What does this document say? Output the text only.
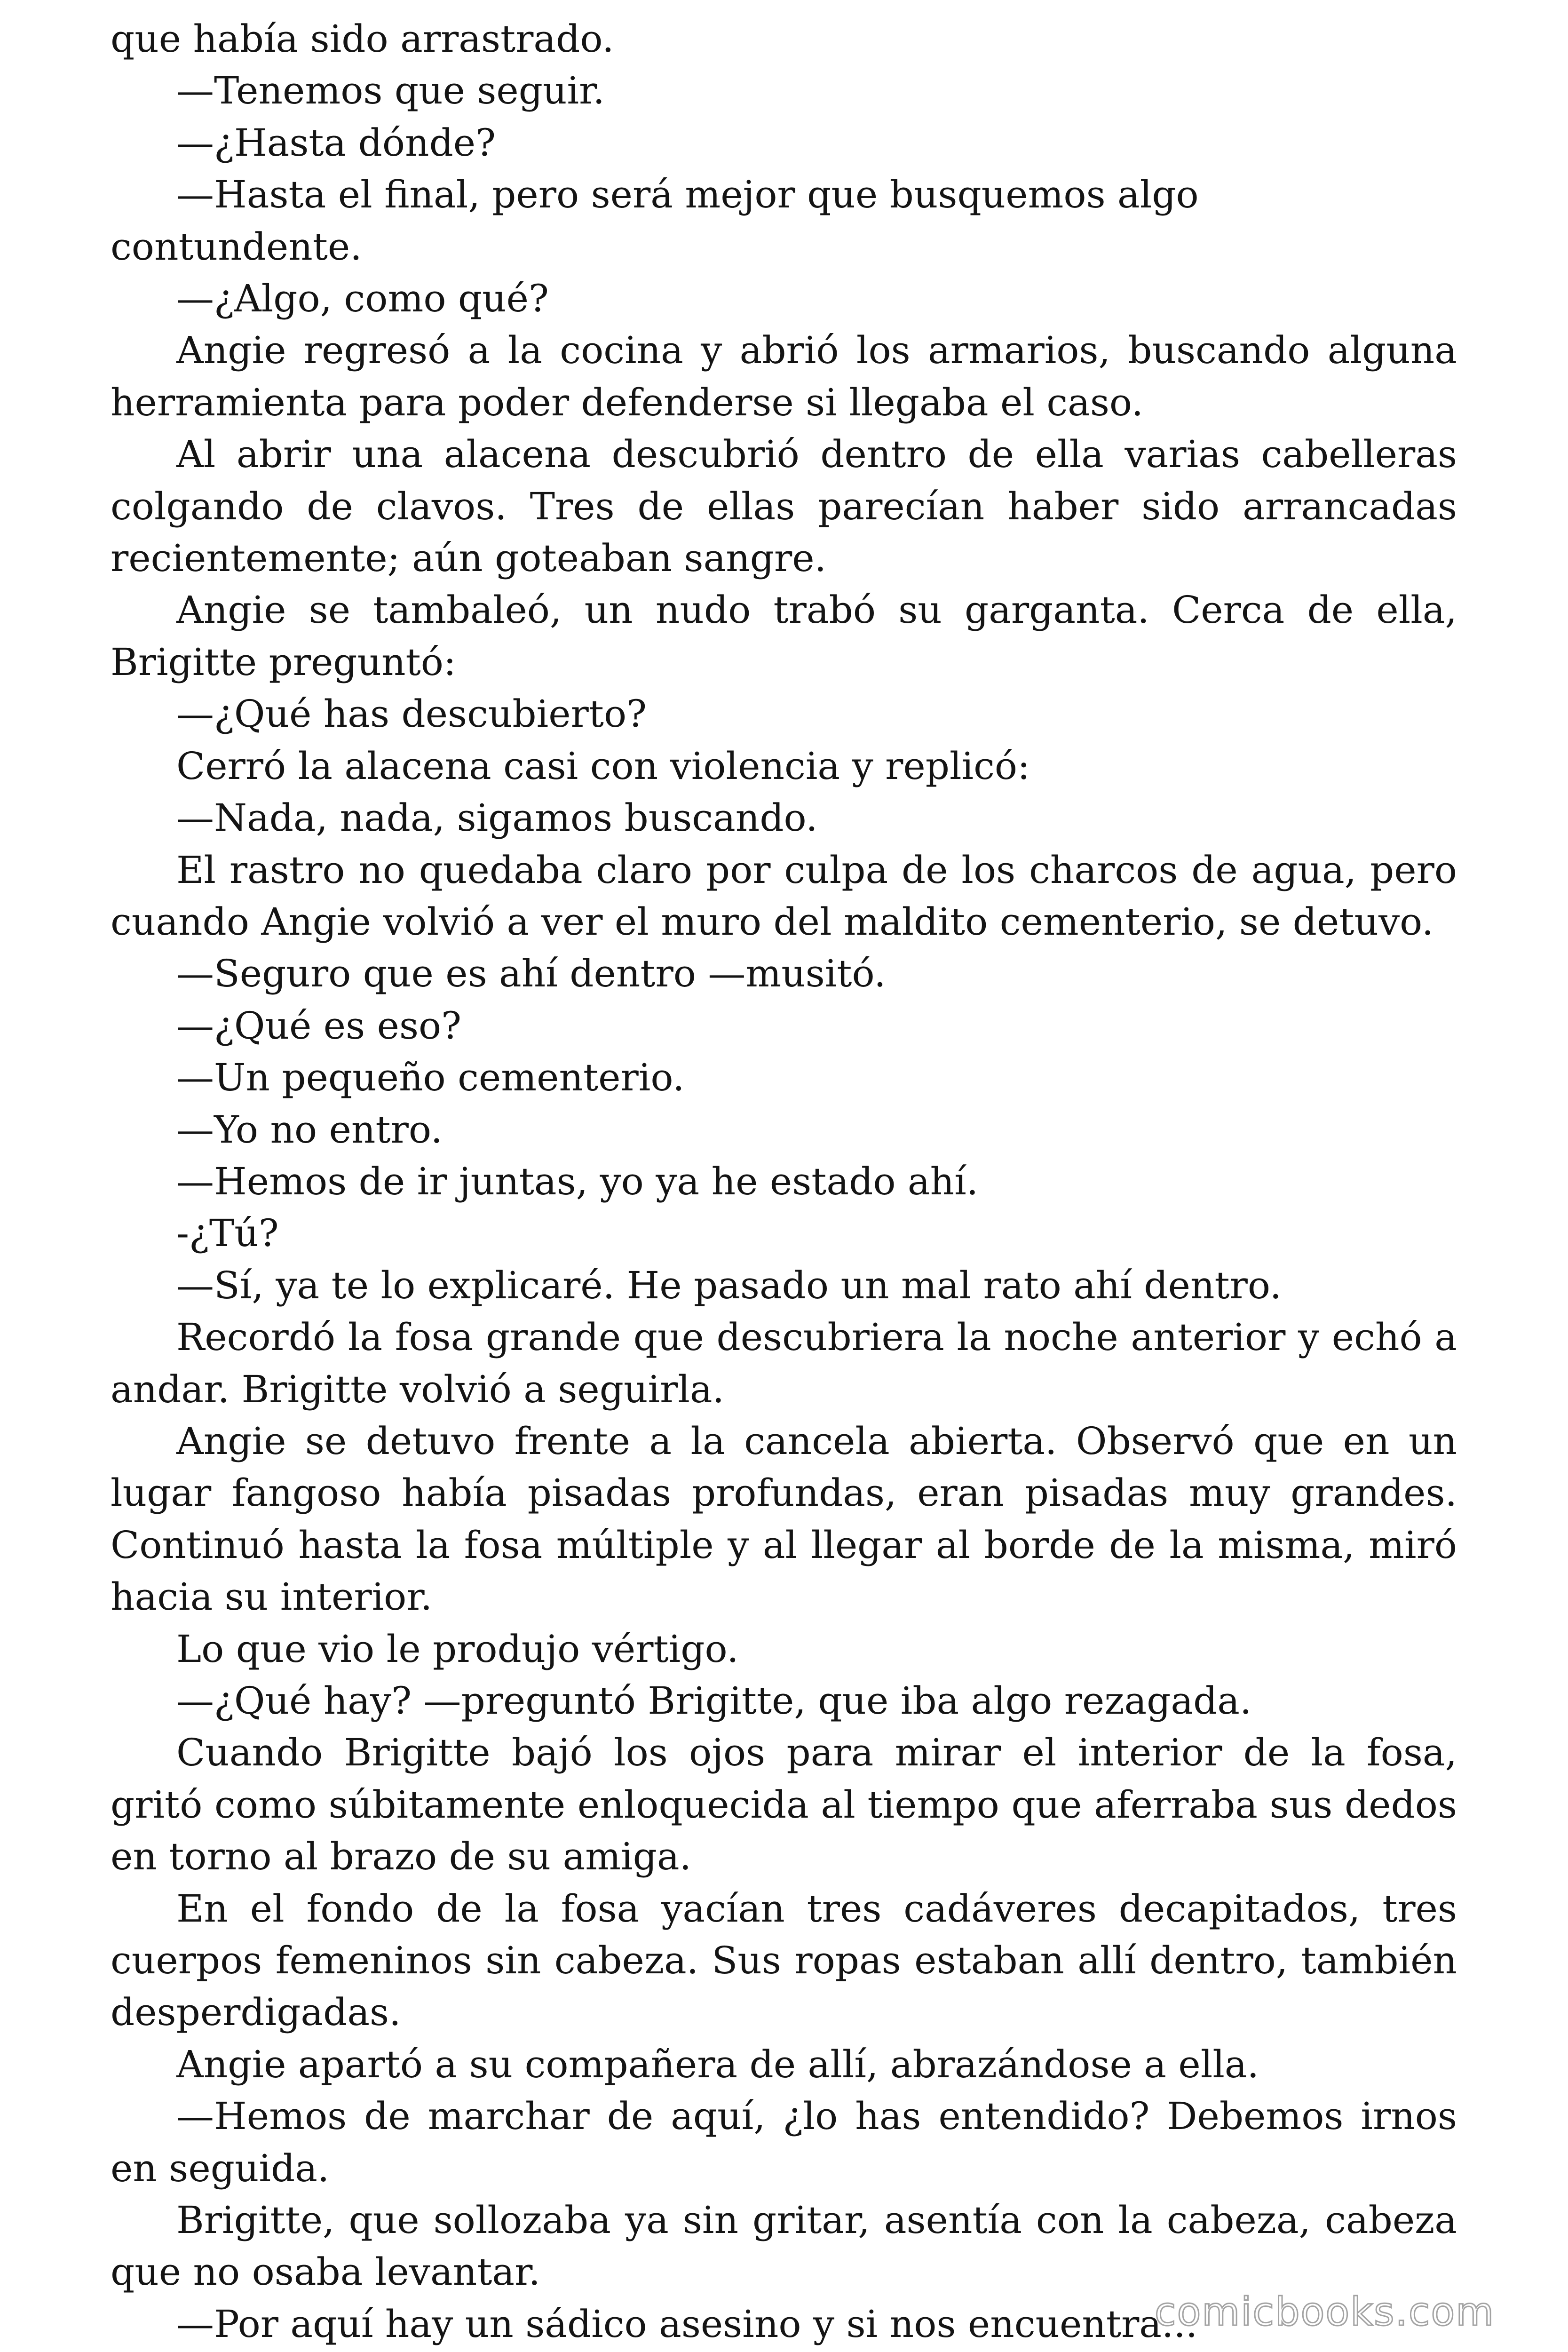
que había sido arrastrado.

—Tenemos que seguir.

—¿Hasta dónde?

—Hasta el final, pero será mejor que busquemos algo contundente.

—¿Algo, como qué?

Angie regresó a la cocina y abrió los armarios, buscando alguna herramienta para poder defenderse si llegaba el caso.

Al abrir una alacena descubrió dentro de ella varias cabelleras colgando de clavos. Tres de ellas parecían haber sido arrancadas recientemente; aún goteaban sangre.

Angie se tambaleó, un nudo trabó su garganta. Cerca de ella, Brigitte preguntó:

—¿Qué has descubierto?

Cerró la alacena casi con violencia y replicó:

—Nada, nada, sigamos buscando.

El rastro no quedaba claro por culpa de los charcos de agua, pero cuando Angie volvió a ver el muro del maldito cementerio, se detuvo.

—Seguro que es ahí dentro —musitó.

—¿Qué es eso?

—Un pequeño cementerio.

—Yo no entro.

—Hemos de ir juntas, yo ya he estado ahí.

-¿Tú?

—Sí, ya te lo explicaré. He pasado un mal rato ahí dentro.

Recordó la fosa grande que descubriera la noche anterior y echó a andar. Brigitte volvió a seguirla.

Angie se detuvo frente a la cancela abierta. Observó que en un lugar fangoso había pisadas profundas, eran pisadas muy grandes. Continuó hasta la fosa múltiple y al llegar al borde de la misma, miró hacia su interior.

Lo que vio le produjo vértigo.

—¿Qué hay? —preguntó Brigitte, que iba algo rezagada.

Cuando Brigitte bajó los ojos para mirar el interior de la fosa, gritó como súbitamente enloquecida al tiempo que aferraba sus dedos en torno al brazo de su amiga.

En el fondo de la fosa yacían tres cadáveres decapitados, tres cuerpos femeninos sin cabeza. Sus ropas estaban allí dentro, también desperdigadas.

Angie apartó a su compañera de allí, abrazándose a ella.

—Hemos de marchar de aquí, ¿lo has entendido? Debemos irnos en seguida.

Brigitte, que sollozaba ya sin gritar, asentía con la cabeza, cabeza que no osaba levantar.

—Por aquí hay un sádico asesino y si nos encuentra...

comicbooks.com
